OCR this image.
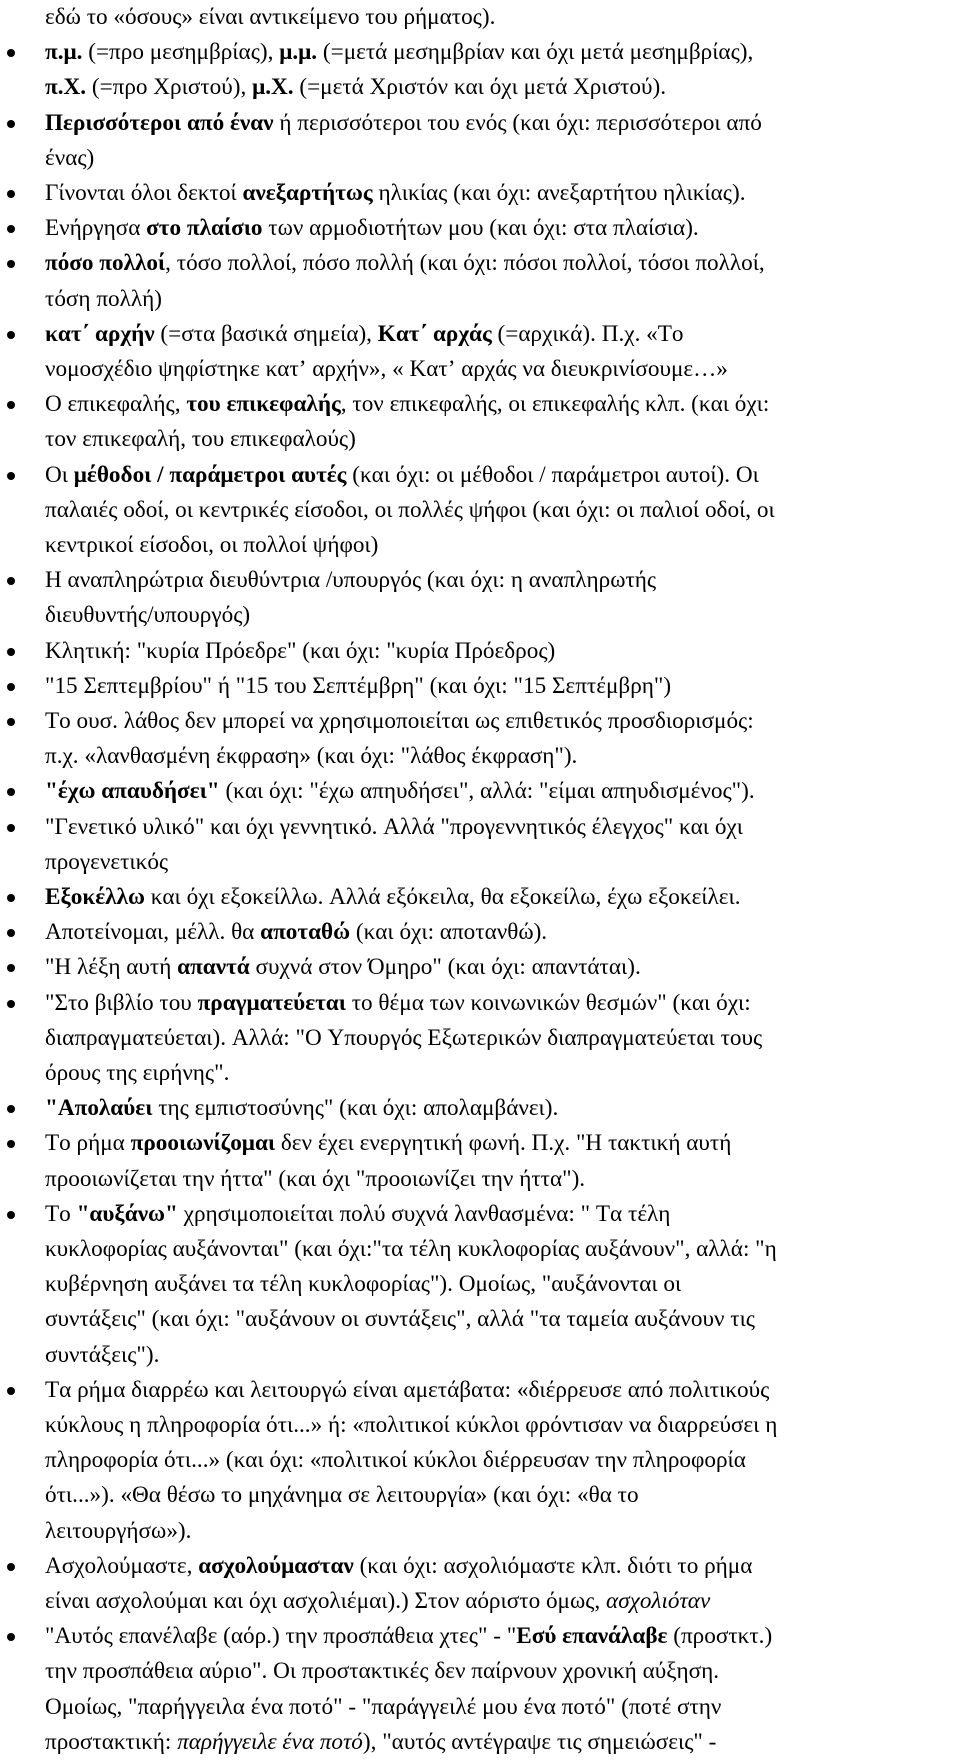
εδώ το «όσους» είναι αντικείμενο του ρήματος).
π.μ. (=προ μεσημβρίας), μ.μ. (=μετά μεσημβρίαν και όχι μετά μεσημβρίας),
π.Χ. (=προ Χριστού), μ.Χ. (=μετά Χριστόν και όχι μετά Χριστού).
Περισσότεροι από έναν ή περισσότεροι του ενός (και όχι: περισσότεροι από
ένας)
Γίνονται όλοι δεκτοί ανεξαρτήτως ηλικίας (και όχι: ανεξαρτήτου ηλικίας).
Ενήργησα στο πλαίσιο των αρμοδιοτήτων μου (και όχι: στα πλαίσια).
πόσο πολλοί, τόσο πολλοί, πόσο πολλή (και όχι: πόσοι πολλοί, τόσοι πολλοί,
τόση πολλή)
κατ΄ αρχήν (=στα βασικά σημεία), Κατ΄ αρχάς (=αρχικά). Π.χ. «Το
νομοσχέδιο ψηφίστηκε κατ’ αρχήν», « Κατ’ αρχάς να διευκρινίσουμε…»
Ο επικεφαλής, του επικεφαλής, τον επικεφαλής, οι επικεφαλής κλπ. (και όχι:
τον επικεφαλή, του επικεφαλούς)
Οι μέθοδοι / παράμετροι αυτές (και όχι: οι μέθοδοι / παράμετροι αυτοί). Οι
παλαιές οδοί, οι κεντρικές είσοδοι, οι πολλές ψήφοι (και όχι: οι παλιοί οδοί, οι
κεντρικοί είσοδοι, οι πολλοί ψήφοι)
Η αναπληρώτρια διευθύντρια /υπουργός (και όχι: η αναπληρωτής
διευθυντής/υπουργός)
Κλητική: "κυρία Πρόεδρε" (και όχι: "κυρία Πρόεδρος)
"15 Σεπτεμβρίου" ή "15 του Σεπτέμβρη" (και όχι: "15 Σεπτέμβρη")
Το ουσ. λάθος δεν μπορεί να χρησιμοποιείται ως επιθετικός προσδιορισμός:
π.χ. «λανθασμένη έκφραση» (και όχι: "λάθος έκφραση").
"έχω απαυδήσει" (και όχι: "έχω απηυδήσει", αλλά: "είμαι απηυδισμένος").
"Γενετικό υλικό" και όχι γεννητικό. Αλλά "προγεννητικός έλεγχος" και όχι
προγενετικός
Εξοκέλλω και όχι εξοκείλλω. Αλλά εξόκειλα, θα εξοκείλω, έχω εξοκείλει.
Αποτείνομαι, μέλλ. θα αποταθώ (και όχι: αποτανθώ).
"Η λέξη αυτή απαντά συχνά στον Όμηρο" (και όχι: απαντάται).
"Στο βιβλίο του πραγματεύεται το θέμα των κοινωνικών θεσμών" (και όχι:
διαπραγματεύεται). Αλλά: "Ο Υπουργός Εξωτερικών διαπραγματεύεται τους
όρους της ειρήνης".
"Απολαύει της εμπιστοσύνης" (και όχι: απολαμβάνει).
Το ρήμα προοιωνίζομαι δεν έχει ενεργητική φωνή. Π.χ. "Η τακτική αυτή
προοιωνίζεται την ήττα" (και όχι "προοιωνίζει την ήττα").
Το "αυξάνω" χρησιμοποιείται πολύ συχνά λανθασμένα: " Τα τέλη
κυκλοφορίας αυξάνονται" (και όχι:"τα τέλη κυκλοφορίας αυξάνουν", αλλά: "η
κυβέρνηση αυξάνει τα τέλη κυκλοφορίας"). Ομοίως, "αυξάνονται οι
συντάξεις" (και όχι: "αυξάνουν οι συντάξεις", αλλά "τα ταμεία αυξάνουν τις
συντάξεις").
Τα ρήμα διαρρέω και λειτουργώ είναι αμετάβατα: «διέρρευσε από πολιτικούς
κύκλους η πληροφορία ότι...» ή: «πολιτικοί κύκλοι φρόντισαν να διαρρεύσει η
πληροφορία ότι...» (και όχι: «πολιτικοί κύκλοι διέρρευσαν την πληροφορία
ότι...»). «Θα θέσω το μηχάνημα σε λειτουργία» (και όχι: «θα το
λειτουργήσω»).
Ασχολούμαστε, ασχολούμασταν (και όχι: ασχολιόμαστε κλπ. διότι το ρήμα
είναι ασχολούμαι και όχι ασχολιέμαι).) Στον αόριστο όμως, ασχολιόταν
"Αυτός επανέλαβε (αόρ.) την προσπάθεια χτες" - "Εσύ επανάλαβε (προστκτ.)
την προσπάθεια αύριο". Οι προστακτικές δεν παίρνουν χρονική αύξηση.
Ομοίως, "παρήγγειλα ένα ποτό" - "παράγγειλέ μου ένα ποτό" (ποτέ στην
προστακτική: παρήγγειλε ένα ποτό), "αυτός αντέγραψε τις σημειώσεις" -
